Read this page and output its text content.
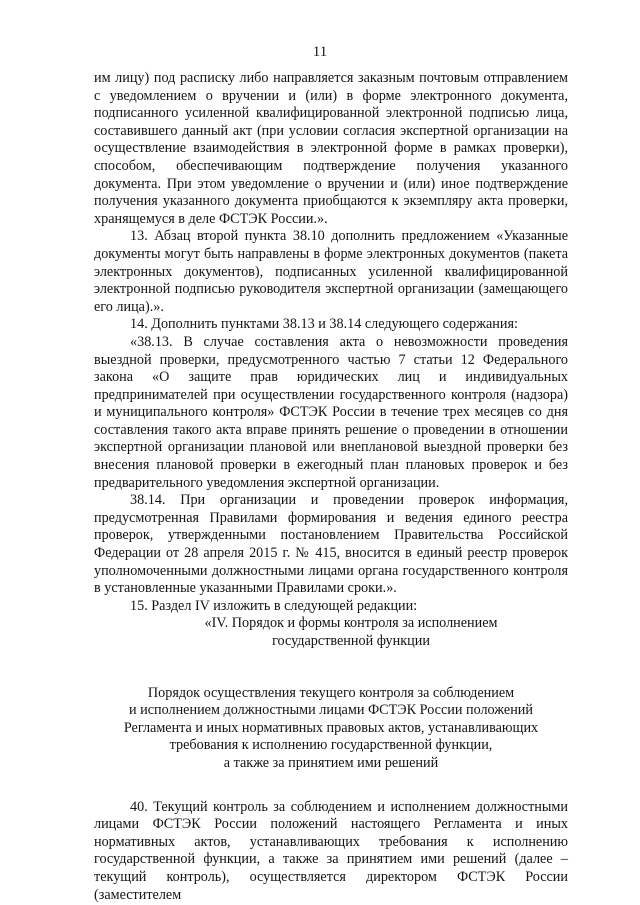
11

им лицу) под расписку либо направляется заказным почтовым отправлением с уведомлением о вручении и (или) в форме электронного документа, подписанного усиленной квалифицированной электронной подписью лица, составившего данный акт (при условии согласия экспертной организации на осуществление взаимодействия в электронной форме в рамках проверки), способом, обеспечивающим подтверждение получения указанного документа. При этом уведомление о вручении и (или) иное подтверждение получения указанного документа приобщаются к экземпляру акта проверки, хранящемуся в деле ФСТЭК России.».

13. Абзац второй пункта 38.10 дополнить предложением «Указанные документы могут быть направлены в форме электронных документов (пакета электронных документов), подписанных усиленной квалифицированной электронной подписью руководителя экспертной организации (замещающего его лица).».

14. Дополнить пунктами 38.13 и 38.14 следующего содержания:

«38.13. В случае составления акта о невозможности проведения выездной проверки, предусмотренного частью 7 статьи 12 Федерального закона «О защите прав юридических лиц и индивидуальных предпринимателей при осуществлении государственного контроля (надзора) и муниципального контроля» ФСТЭК России в течение трех месяцев со дня составления такого акта вправе принять решение о проведении в отношении экспертной организации плановой или внеплановой выездной проверки без внесения плановой проверки в ежегодный план плановых проверок и без предварительного уведомления экспертной организации.

38.14. При организации и проведении проверок информация, предусмотренная Правилами формирования и ведения единого реестра проверок, утвержденными постановлением Правительства Российской Федерации от 28 апреля 2015 г. № 415, вносится в единый реестр проверок уполномоченными должностными лицами органа государственного контроля в установленные указанными Правилами сроки.».

15. Раздел IV изложить в следующей редакции:

«IV. Порядок и формы контроля за исполнением
государственной функции
Порядок осуществления текущего контроля за соблюдением
и исполнением должностными лицами ФСТЭК России положений
Регламента и иных нормативных правовых актов, устанавливающих
требования к исполнению государственной функции,
а также за принятием ими решений

40. Текущий контроль за соблюдением и исполнением должностными лицами ФСТЭК России положений настоящего Регламента и иных нормативных актов, устанавливающих требования к исполнению государственной функции, а также за принятием ими решений (далее – текущий контроль), осуществляется директором ФСТЭК России (заместителем
